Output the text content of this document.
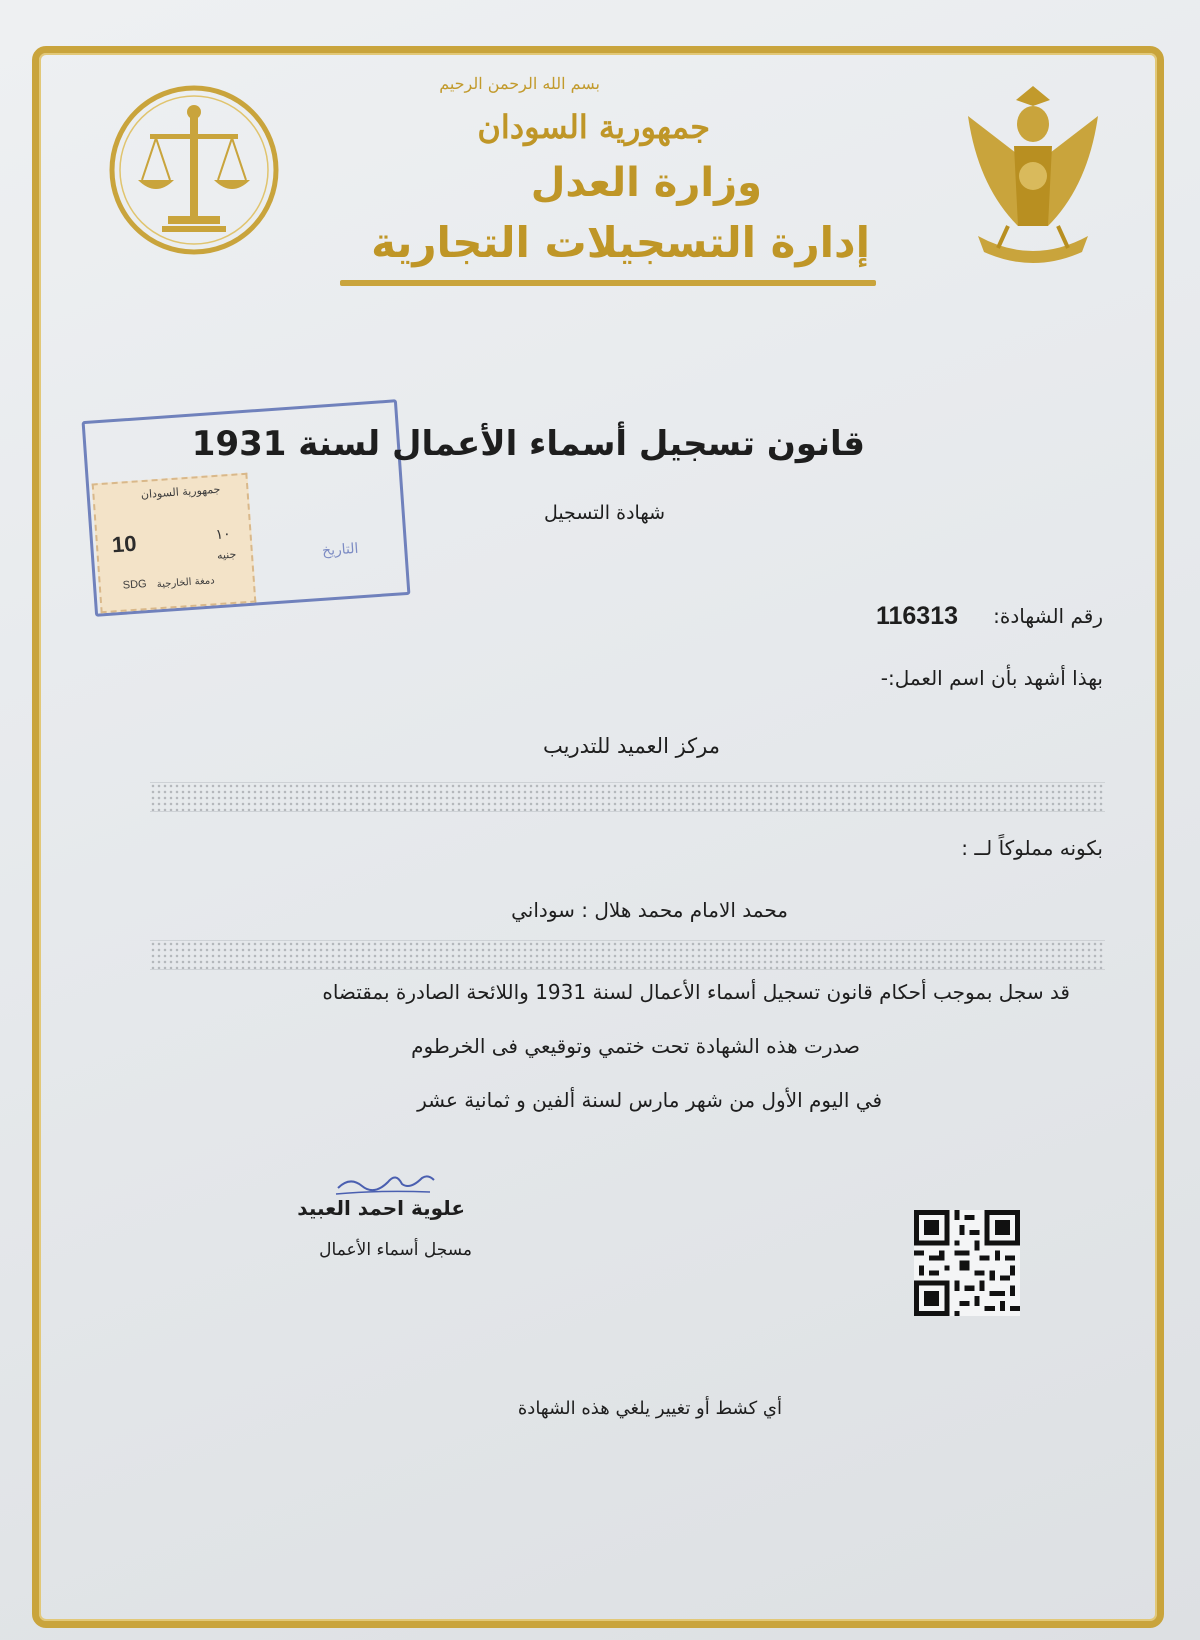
بسم الله الرحمن الرحيم
جمهورية السودان
وزارة العدل
إدارة التسجيلات التجارية
جمهورية السودان
10	١٠
جنيه
SDG دمغة الخارجية
التاريخ
قانون تسجيل أسماء الأعمال لسنة 1931
شهادة التسجيل
رقم الشهادة:
116313
بهذا أشهد بأن اسم العمل:-
مركز العميد للتدريب
بكونه مملوكاً لــ :
محمد الامام محمد هلال : سوداني
قد سجل بموجب أحكام قانون تسجيل أسماء الأعمال لسنة 1931 واللائحة الصادرة بمقتضاه
صدرت هذه الشهادة تحت ختمي وتوقيعي فى الخرطوم
في اليوم الأول من شهر مارس لسنة ألفين و ثمانية عشر
علوية احمد العبيد
مسجل أسماء الأعمال
أي كشط أو تغيير يلغي هذه الشهادة
